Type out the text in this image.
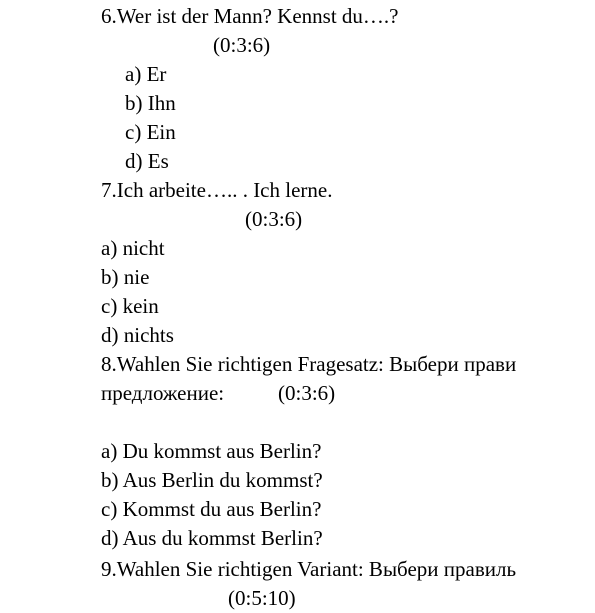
6.Wer ist der Mann? Kennst du….?
(0:3:6)
a) Er
b) Ihn
c) Ein
d) Es
7.Ich arbeite….. . Ich lerne.
(0:3:6)
a) nicht
b) nie
c) kein
d) nichts
8.Wahlen Sie richtigen Fragesatz: Выбери прави
предложение:	(0:3:6)
a) Du kommst aus Berlin?
b) Aus Berlin du kommst?
c) Kommst du aus Berlin?
d) Aus du kommst Berlin?
9.Wahlen Sie richtigen Variant: Выбери правиль
(0:5:10)
